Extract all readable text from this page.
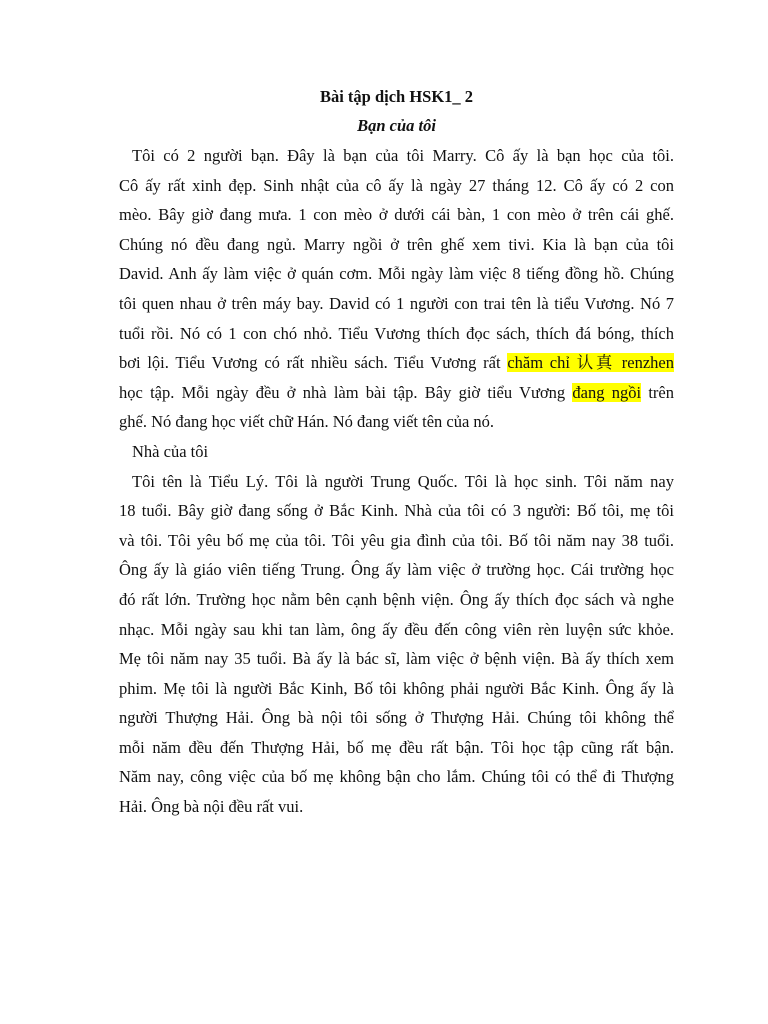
Bài tập dịch HSK1_ 2
Bạn của tôi
Tôi có 2 người bạn. Đây là bạn của tôi Marry. Cô ấy là bạn học của tôi.
Cô ấy rất xinh đẹp. Sinh nhật của cô ấy là ngày 27 tháng 12. Cô ấy có 2 con
mèo. Bây giờ đang mưa. 1 con mèo ở dưới cái bàn, 1 con mèo ở trên cái ghế.
Chúng nó đều đang ngủ. Marry ngồi ở trên ghế xem tivi. Kia là bạn của tôi
David. Anh ấy làm việc ở quán cơm. Mỗi ngày làm việc 8 tiếng đồng hồ. Chúng
tôi quen nhau ở trên máy bay. David có 1 người con trai tên là tiểu Vương. Nó 7
tuổi rồi. Nó có 1 con chó nhỏ. Tiểu Vương thích đọc sách, thích đá bóng, thích
bơi lội. Tiểu Vương có rất nhiều sách. Tiểu Vương rất chăm chỉ 认真 renzhen
học tập. Mỗi ngày đều ở nhà làm bài tập. Bây giờ tiểu Vương đang ngồi trên
ghế. Nó đang học viết chữ Hán. Nó đang viết tên của nó.
Nhà của tôi
Tôi tên là Tiểu Lý. Tôi là người Trung Quốc. Tôi là học sinh. Tôi năm nay
18 tuổi. Bây giờ đang sống ở Bắc Kinh. Nhà của tôi có 3 người: Bố tôi, mẹ tôi
và tôi. Tôi yêu bố mẹ của tôi. Tôi yêu gia đình của tôi. Bố tôi năm nay 38 tuổi.
Ông ấy là giáo viên tiếng Trung. Ông ấy làm việc ở trường học. Cái trường học
đó rất lớn. Trường học nằm bên cạnh bệnh viện. Ông ấy thích đọc sách và nghe
nhạc. Mỗi ngày sau khi tan làm, ông ấy đều đến công viên rèn luyện sức khỏe.
Mẹ tôi năm nay 35 tuổi. Bà ấy là bác sĩ, làm việc ở bệnh viện. Bà ấy thích xem
phim. Mẹ tôi là người Bắc Kinh, Bố tôi không phải người Bắc Kinh. Ông ấy là
người Thượng Hải. Ông bà nội tôi sống ở Thượng Hải. Chúng tôi không thể
mỗi năm đều đến Thượng Hải, bố mẹ đều rất bận. Tôi học tập cũng rất bận.
Năm nay, công việc của bố mẹ không bận cho lắm. Chúng tôi có thể đi Thượng
Hải. Ông bà nội đều rất vui.
